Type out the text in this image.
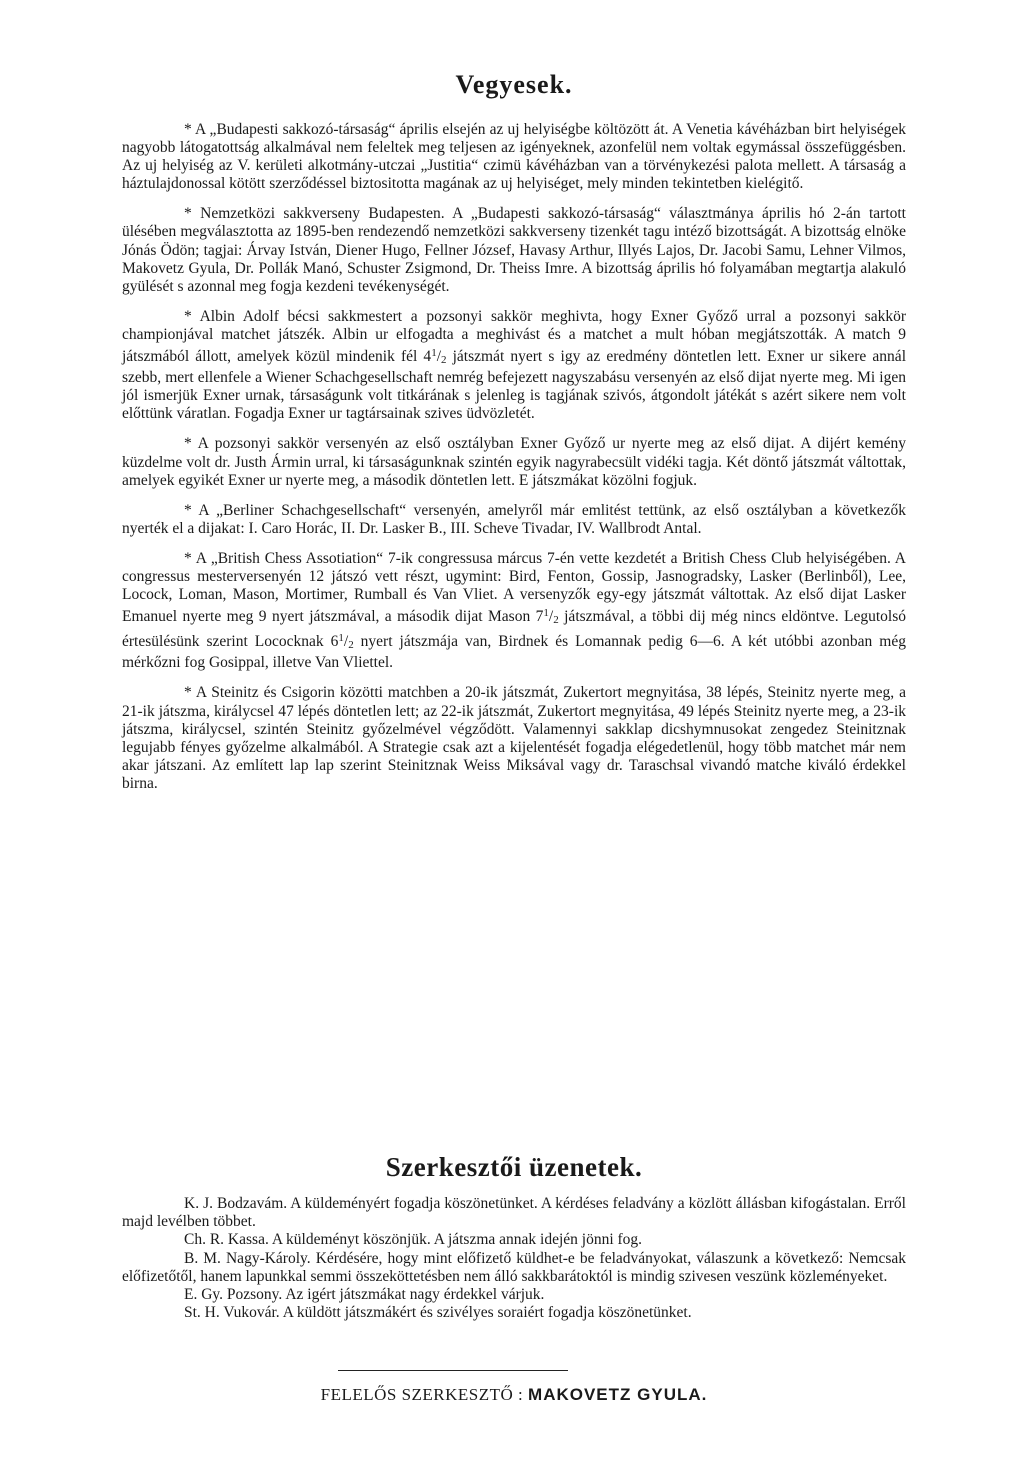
Vegyesek.

* A „Budapesti sakkozó-társaság“ április elsején az uj helyiségbe költözött át. A Venetia kávéházban birt helyiségek nagyobb látogatottság alkalmával nem feleltek meg teljesen az igényeknek, azonfelül nem voltak egymással összefüggésben. Az uj helyiség az V. kerületi alkotmány-utczai „Justitia“ czimü kávéházban van a törvénykezési palota mellett. A társaság a háztulajdonossal kötött szerződéssel biztositotta magának az uj helyiséget, mely minden tekintetben kielégitő.

* Nemzetközi sakkverseny Budapesten. A „Budapesti sakkozó-társaság“ választmánya április hó 2-án tartott ülésében megválasztotta az 1895-ben rendezendő nemzetközi sakkverseny tizenkét tagu intéző bizottságát. A bizottság elnöke Jónás Ödön; tagjai: Árvay István, Diener Hugo, Fellner József, Havasy Arthur, Illyés Lajos, Dr. Jacobi Samu, Lehner Vilmos, Makovetz Gyula, Dr. Pollák Manó, Schuster Zsigmond, Dr. Theiss Imre. A bizottság április hó folyamában megtartja alakuló gyülését s azonnal meg fogja kezdeni tevékenységét.

* Albin Adolf bécsi sakkmestert a pozsonyi sakkör meghivta, hogy Exner Győző urral a pozsonyi sakkör championjával matchet játszék. Albin ur elfogadta a meghivást és a matchet a mult hóban megjátszották. A match 9 játszmából állott, amelyek közül mindenik fél $4^1/2$ játszmát nyert s igy az eredmény döntetlen lett. Exner ur sikere annál szebb, mert ellenfele a Wiener Schachgesellschaft nemrég befejezett nagyszabásu versenyén az első dijat nyerte meg. Mi igen jól ismerjük Exner urnak, társaságunk volt titkárának s jelenleg is tagjának szivós, átgondolt játékát s azért sikere nem volt előttünk váratlan. Fogadja Exner ur tagtársainak szives üdvözletét.

* A pozsonyi sakkör versenyén az első osztályban Exner Győző ur nyerte meg az első dijat. A dijért kemény küzdelme volt dr. Justh Ármin urral, ki társaságunknak szintén egyik nagyrabecsült vidéki tagja. Két döntő játszmát váltottak, amelyek egyikét Exner ur nyerte meg, a második döntetlen lett. E játszmákat közölni fogjuk.

* A „Berliner Schachgesellschaft“ versenyén, amelyről már emlitést tettünk, az első osztályban a következők nyerték el a dijakat: I. Caro Horác, II. Dr. Lasker B., III. Scheve Tivadar, IV. Wallbrodt Antal.

* A „British Chess Assotiation“ 7-ik congressusa márcus 7-én vette kezdetét a British Chess Club helyiségében. A congressus mesterversenyén 12 játszó vett részt, ugymint: Bird, Fenton, Gossip, Jasnogradsky, Lasker (Berlinből), Lee, Locock, Loman, Mason, Mortimer, Rumball és Van Vliet. A versenyzők egy-egy játszmát váltottak. Az első dijat Lasker Emanuel nyerte meg 9 nyert játszmával, a második dijat Mason $7^1/2$ játszmával, a többi dij még nincs eldöntve. Legutolsó értesülésünk szerint Lococknak $6^1/2$ nyert játszmája van, Birdnek és Lomannak pedig 6—6. A két utóbbi azonban még mérkőzni fog Gosippal, illetve Van Vliettel.

* A Steinitz és Csigorin közötti matchben a 20-ik játszmát, Zukertort megnyitása, 38 lépés, Steinitz nyerte meg, a 21-ik játszma, királycsel 47 lépés döntetlen lett; az 22-ik játszmát, Zukertort megnyitása, 49 lépés Steinitz nyerte meg, a 23-ik játszma, királycsel, szintén Steinitz győzelmével végződött. Valamennyi sakklap dicshymnusokat zengedez Steinitznak legujabb fényes győzelme alkalmából. A Strategie csak azt a kijelentését fogadja elégedetlenül, hogy több matchet már nem akar játszani. Az említett lap lap szerint Steinitznak Weiss Miksával vagy dr. Taraschsal vivandó matche kiváló érdekkel birna.

Szerkesztői üzenetek.

K. J. Bodzavám. A küldeményért fogadja köszönetünket. A kérdéses feladvány a közlött állásban kifogástalan. Erről majd levélben többet.

Ch. R. Kassa. A küldeményt köszönjük. A játszma annak idején jönni fog.

B. M. Nagy-Károly. Kérdésére, hogy mint előfizető küldhet-e be feladványokat, válaszunk a következő: Nemcsak előfizetőtől, hanem lapunkkal semmi összeköttetésben nem álló sakkbarátoktól is mindig szivesen veszünk közleményeket.

E. Gy. Pozsony. Az igért játszmákat nagy érdekkel várjuk.

St. H. Vukovár. A küldött játszmákért és szivélyes soraiért fogadja köszönetünket.

FELELŐS SZERKESZTŐ : MAKOVETZ GYULA.
